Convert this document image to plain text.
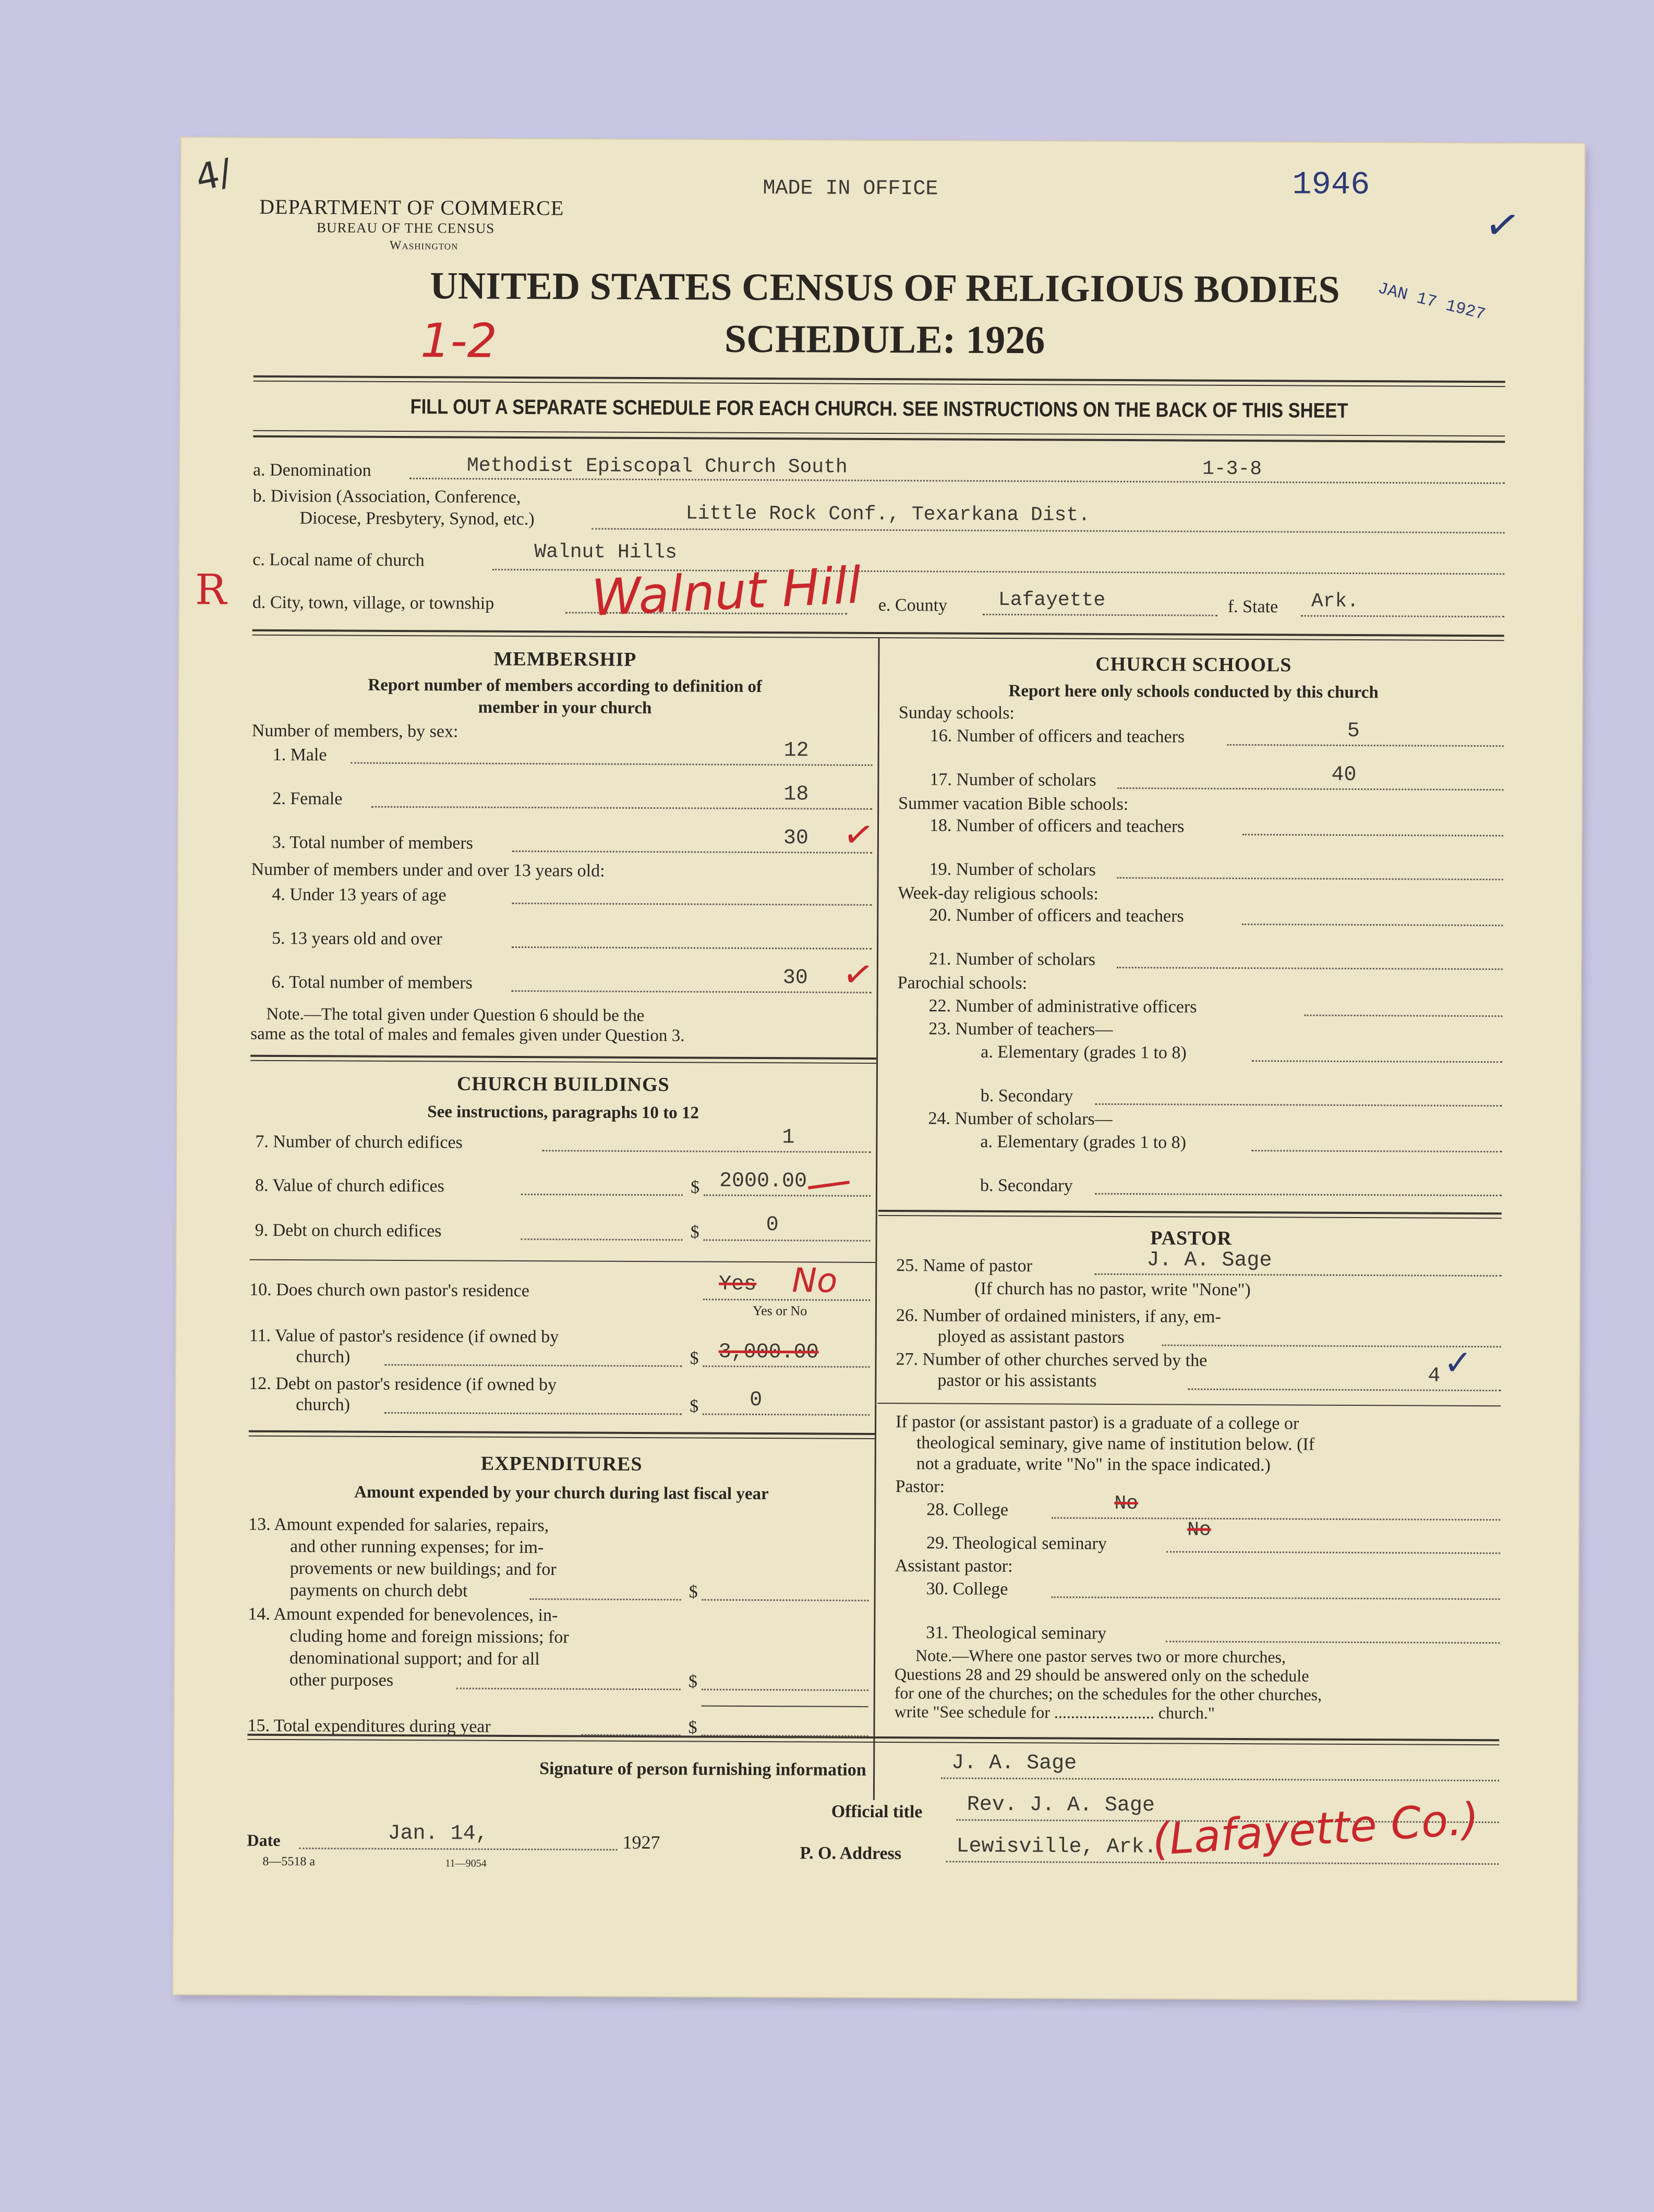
4/
DEPARTMENT OF COMMERCE
BUREAU OF THE CENSUS
Washington
MADE IN OFFICE	1946
JAN 17 1927
✓
UNITED STATES CENSUS OF RELIGIOUS BODIES
SCHEDULE: 1926
1-2
FILL OUT A SEPARATE SCHEDULE FOR EACH CHURCH. SEE INSTRUCTIONS ON THE BACK OF THIS SHEET
a. Denomination	Methodist Episcopal Church South	1-3-8
b. Division (Association, Conference,
Diocese, Presbytery, Synod, etc.)	Little Rock Conf., Texarkana Dist.
c. Local name of church	Walnut Hills
R d. City, town, village, or township Walnut Hill e. County	Lafayette	f. State Ark.
MEMBERSHIP
Report number of members according to definition of
member in your church
Number of members, by sex:
1. Male	12
2. Female	18
3. Total number of members	30 ✓
Number of members under and over 13 years old:
4. Under 13 years of age
5. 13 years old and over
6. Total number of members	30 ✓
Note.—The total given under Question 6 should be the
same as the total of males and females given under Question 3.
CHURCH BUILDINGS
See instructions, paragraphs 10 to 12
7. Number of church edifices	1
8. Value of church edifices	$ 2000.00
9. Debt on church edifices	$	0
10. Does church own pastor's residence	Yes No
Yes or No
11. Value of pastor's residence (if owned by
church)	$ 3,000.00
12. Debt on pastor's residence (if owned by
church)	$ 0
EXPENDITURES
Amount expended by your church during last fiscal year
13. Amount expended for salaries, repairs,
and other running expenses; for im-
provements or new buildings; and for
payments on church debt	$
14. Amount expended for benevolences, in-
cluding home and foreign missions; for
denominational support; and for all
other purposes	$
15. Total expenditures during year	$
CHURCH SCHOOLS
Report here only schools conducted by this church
Sunday schools:
16. Number of officers and teachers	5
17. Number of scholars	40
Summer vacation Bible schools:
18. Number of officers and teachers
19. Number of scholars
Week-day religious schools:
20. Number of officers and teachers
21. Number of scholars
Parochial schools:
22. Number of administrative officers
23. Number of teachers—
a. Elementary (grades 1 to 8)
b. Secondary
24. Number of scholars—
a. Elementary (grades 1 to 8)
b. Secondary
PASTOR
25. Name of pastor	J. A. Sage
(If church has no pastor, write "None")
26. Number of ordained ministers, if any, em-
ployed as assistant pastors
27. Number of other churches served by the
pastor or his assistants	4 ✓
If pastor (or assistant pastor) is a graduate of a college or
theological seminary, give name of institution below. (If
not a graduate, write "No" in the space indicated.)
Pastor:
28. College	No
29. Theological seminary
No
Assistant pastor:
30. College
31. Theological seminary
Note.—Where one pastor serves two or more churches,
Questions 28 and 29 should be answered only on the schedule
for one of the churches; on the schedules for the other churches,
write "See schedule for ........................ church."
Signature of person furnishing information	J. A. Sage
Official title Rev. J. A. Sage
P. O. Address	Lewisville, Ark.
(Lafayette Co.)
Date	Jan. 14,	1927
8—5518 a	11—9054
